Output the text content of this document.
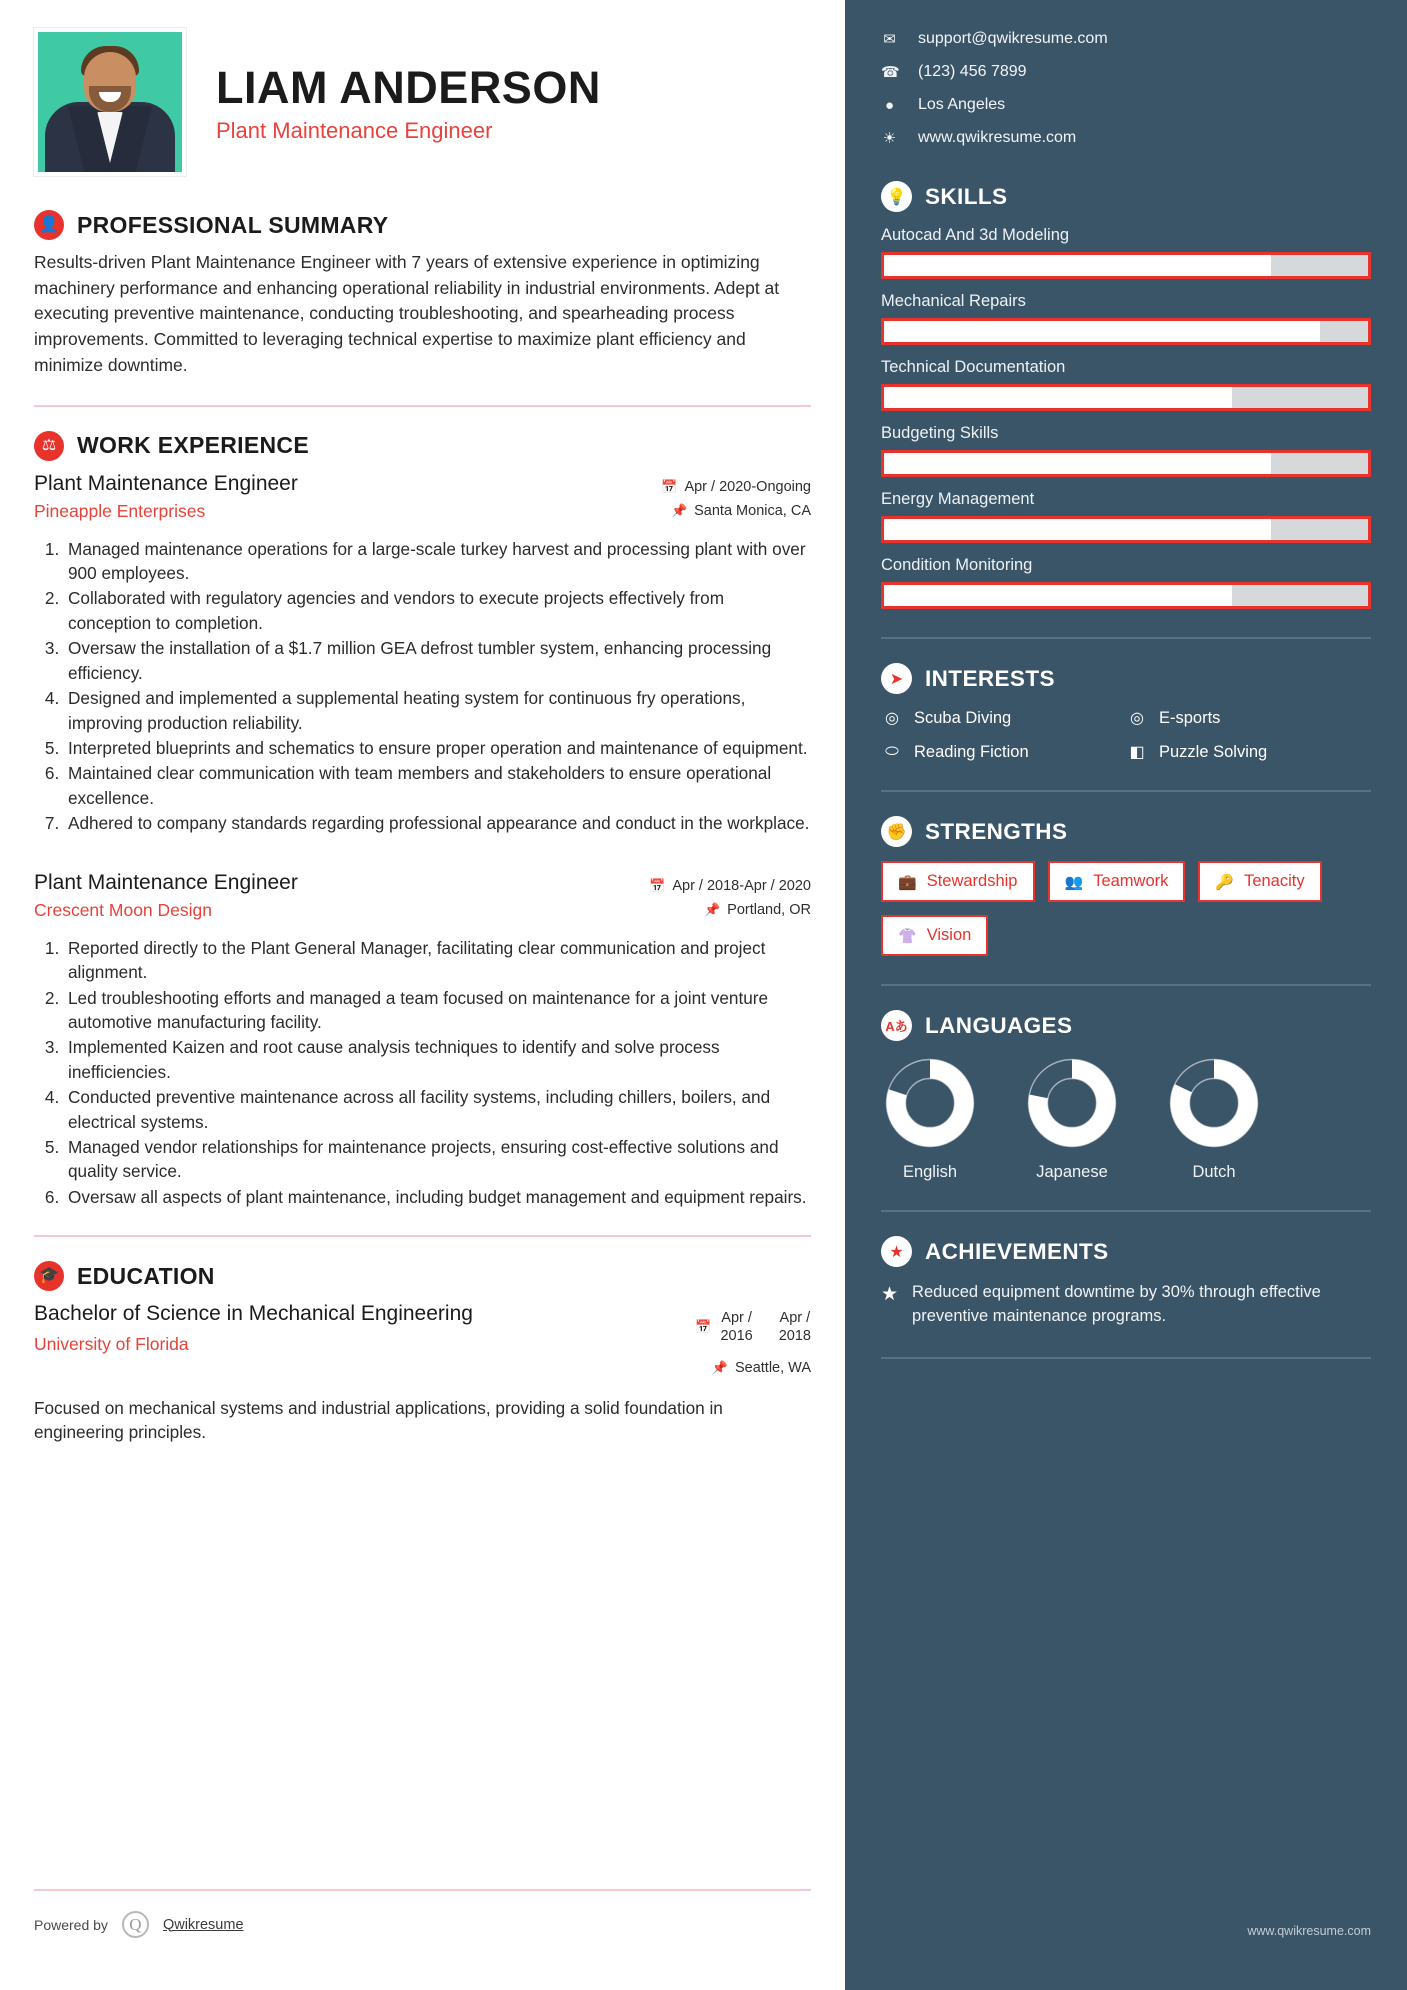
LIAM ANDERSON
Plant Maintenance Engineer
👤 PROFESSIONAL SUMMARY
Results-driven Plant Maintenance Engineer with 7 years of extensive experience in optimizing machinery performance and enhancing operational reliability in industrial environments. Adept at executing preventive maintenance, conducting troubleshooting, and spearheading process improvements. Committed to leveraging technical expertise to maximize plant efficiency and minimize downtime.
⚖ WORK EXPERIENCE
Plant Maintenance Engineer
Pineapple Enterprises
📅 Apr / 2020-Ongoing
📌 Santa Monica, CA
1. Managed maintenance operations for a large-scale turkey harvest and processing plant with over 900 employees.
2. Collaborated with regulatory agencies and vendors to execute projects effectively from conception to completion.
3. Oversaw the installation of a $1.7 million GEA defrost tumbler system, enhancing processing efficiency.
4. Designed and implemented a supplemental heating system for continuous fry operations, improving production reliability.
5. Interpreted blueprints and schematics to ensure proper operation and maintenance of equipment.
6. Maintained clear communication with team members and stakeholders to ensure operational excellence.
7. Adhered to company standards regarding professional appearance and conduct in the workplace.
Plant Maintenance Engineer
Crescent Moon Design
📅 Apr / 2018-Apr / 2020
📌 Portland, OR
1. Reported directly to the Plant General Manager, facilitating clear communication and project alignment.
2. Led troubleshooting efforts and managed a team focused on maintenance for a joint venture automotive manufacturing facility.
3. Implemented Kaizen and root cause analysis techniques to identify and solve process inefficiencies.
4. Conducted preventive maintenance across all facility systems, including chillers, boilers, and electrical systems.
5. Managed vendor relationships for maintenance projects, ensuring cost-effective solutions and quality service.
6. Oversaw all aspects of plant maintenance, including budget management and equipment repairs.
🎓 EDUCATION
Bachelor of Science in Mechanical Engineering
University of Florida
📅
Apr /
2016
Apr /
2018
📌 Seattle, WA
Focused on mechanical systems and industrial applications, providing a solid foundation in engineering principles.
Powered by	Q	Qwikresume
✉ support@qwikresume.com
☎ (123) 456 7899
● Los Angeles
☀ www.qwikresume.com
💡 SKILLS
Autocad And 3d Modeling
Mechanical Repairs
Technical Documentation
Budgeting Skills
Energy Management
Condition Monitoring
➤ INTERESTS
◎ Scuba Diving	◎ E-sports
⬭ Reading Fiction	◧ Puzzle Solving
✊ STRENGTHS
💼 Stewardship	👥 Teamwork	🔑 Tenacity
👚 Vision
Aあ LANGUAGES
English	Japanese	Dutch
★ ACHIEVEMENTS
★ Reduced equipment downtime by 30% through effective preventive maintenance programs.
www.qwikresume.com
